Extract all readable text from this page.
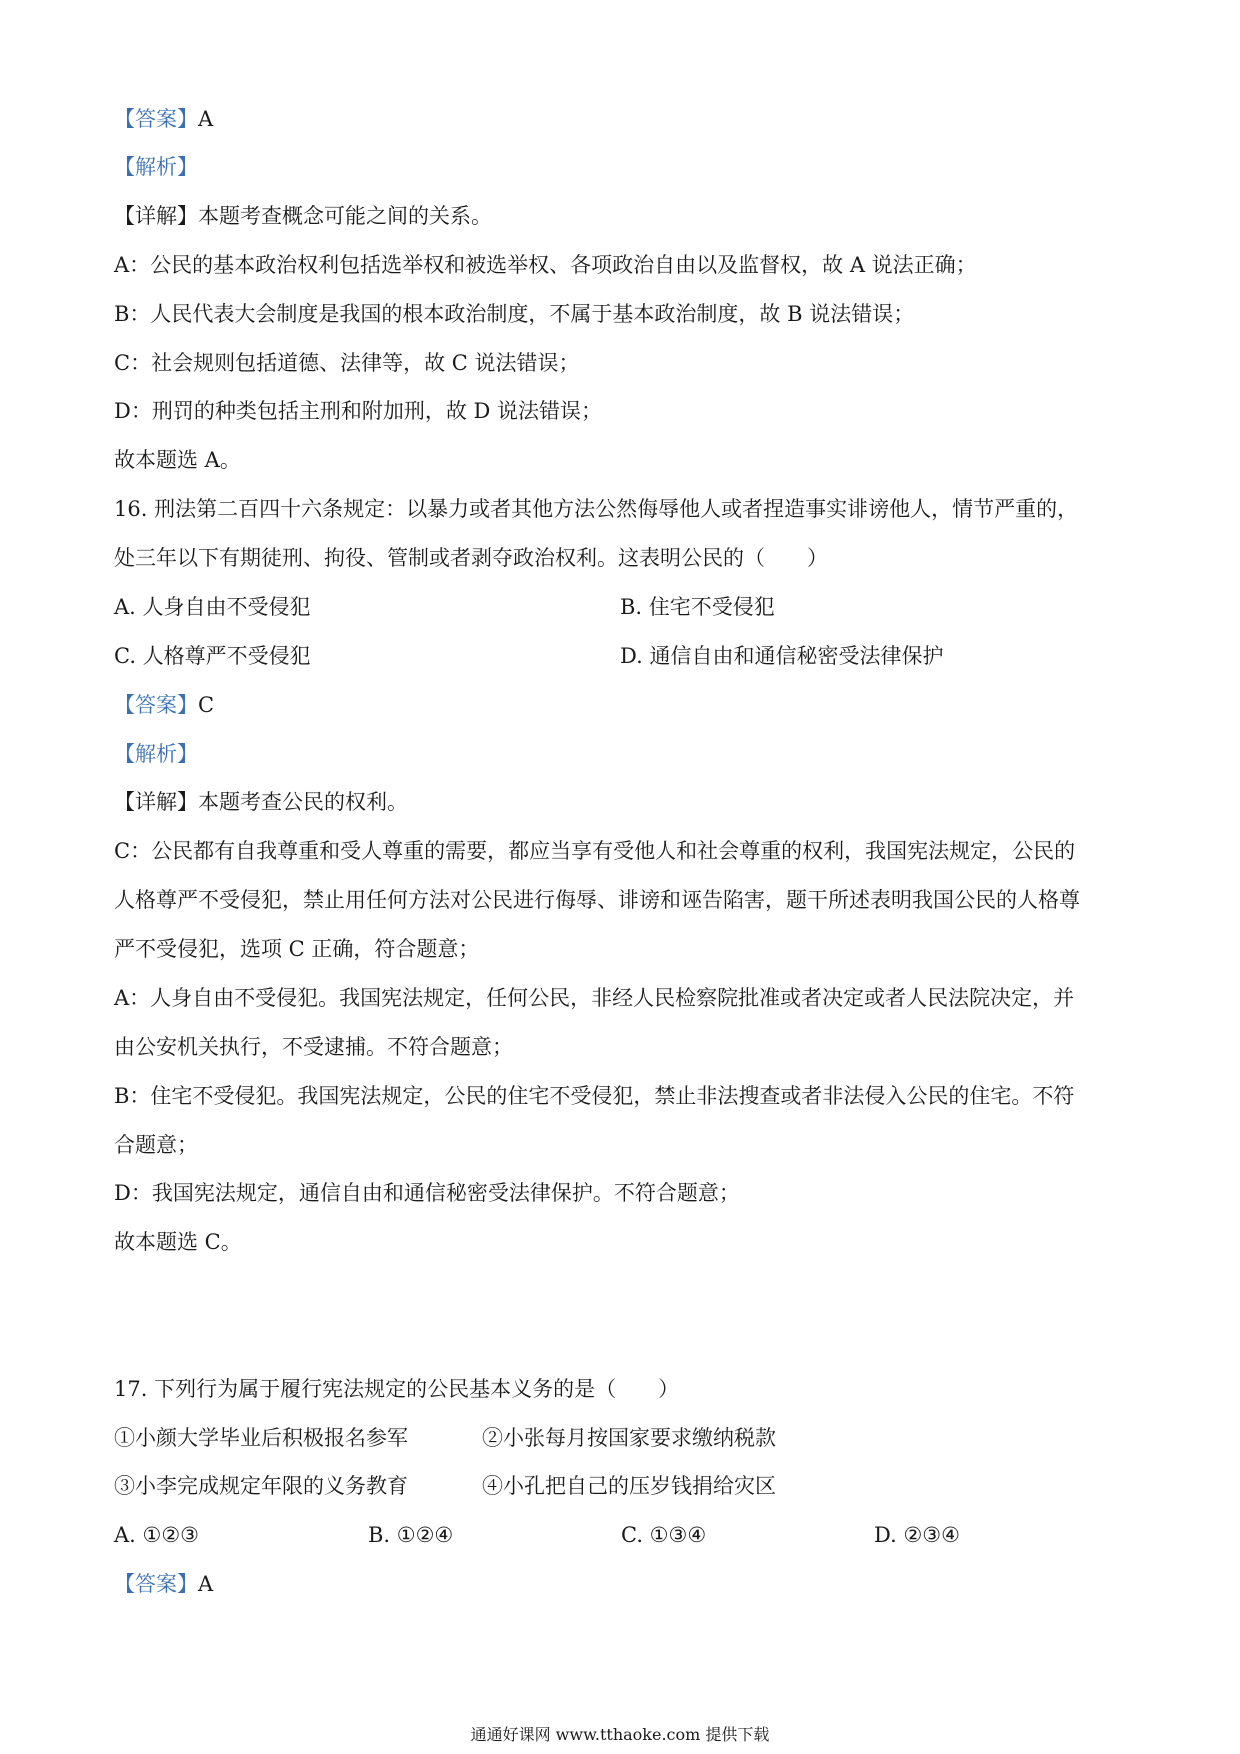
【答案】A
【解析】
【详解】本题考查概念可能之间的关系。
A：公民的基本政治权利包括选举权和被选举权、各项政治自由以及监督权，故 A 说法正确；
B：人民代表大会制度是我国的根本政治制度，不属于基本政治制度，故 B 说法错误；
C：社会规则包括道德、法律等，故 C 说法错误；
D：刑罚的种类包括主刑和附加刑，故 D 说法错误；
故本题选 A。
16. 刑法第二百四十六条规定：以暴力或者其他方法公然侮辱他人或者捏造事实诽谤他人，情节严重的，
处三年以下有期徒刑、拘役、管制或者剥夺政治权利。这表明公民的（　　）
A. 人身自由不受侵犯	B. 住宅不受侵犯
C. 人格尊严不受侵犯	D. 通信自由和通信秘密受法律保护
【答案】C
【解析】
【详解】本题考查公民的权利。
C：公民都有自我尊重和受人尊重的需要，都应当享有受他人和社会尊重的权利，我国宪法规定，公民的
人格尊严不受侵犯，禁止用任何方法对公民进行侮辱、诽谤和诬告陷害，题干所述表明我国公民的人格尊
严不受侵犯，选项 C 正确，符合题意；
A：人身自由不受侵犯。我国宪法规定，任何公民，非经人民检察院批准或者决定或者人民法院决定，并
由公安机关执行，不受逮捕。不符合题意；
B：住宅不受侵犯。我国宪法规定，公民的住宅不受侵犯，禁止非法搜查或者非法侵入公民的住宅。不符
合题意；
D：我国宪法规定，通信自由和通信秘密受法律保护。不符合题意；
故本题选 C。
17. 下列行为属于履行宪法规定的公民基本义务的是（　　）
①小颜大学毕业后积极报名参军	②小张每月按国家要求缴纳税款
③小李完成规定年限的义务教育	④小孔把自己的压岁钱捐给灾区
A. ①②③	B. ①②④	C. ①③④	D. ②③④
【答案】A
通通好课网 www.tthaoke.com 提供下载
